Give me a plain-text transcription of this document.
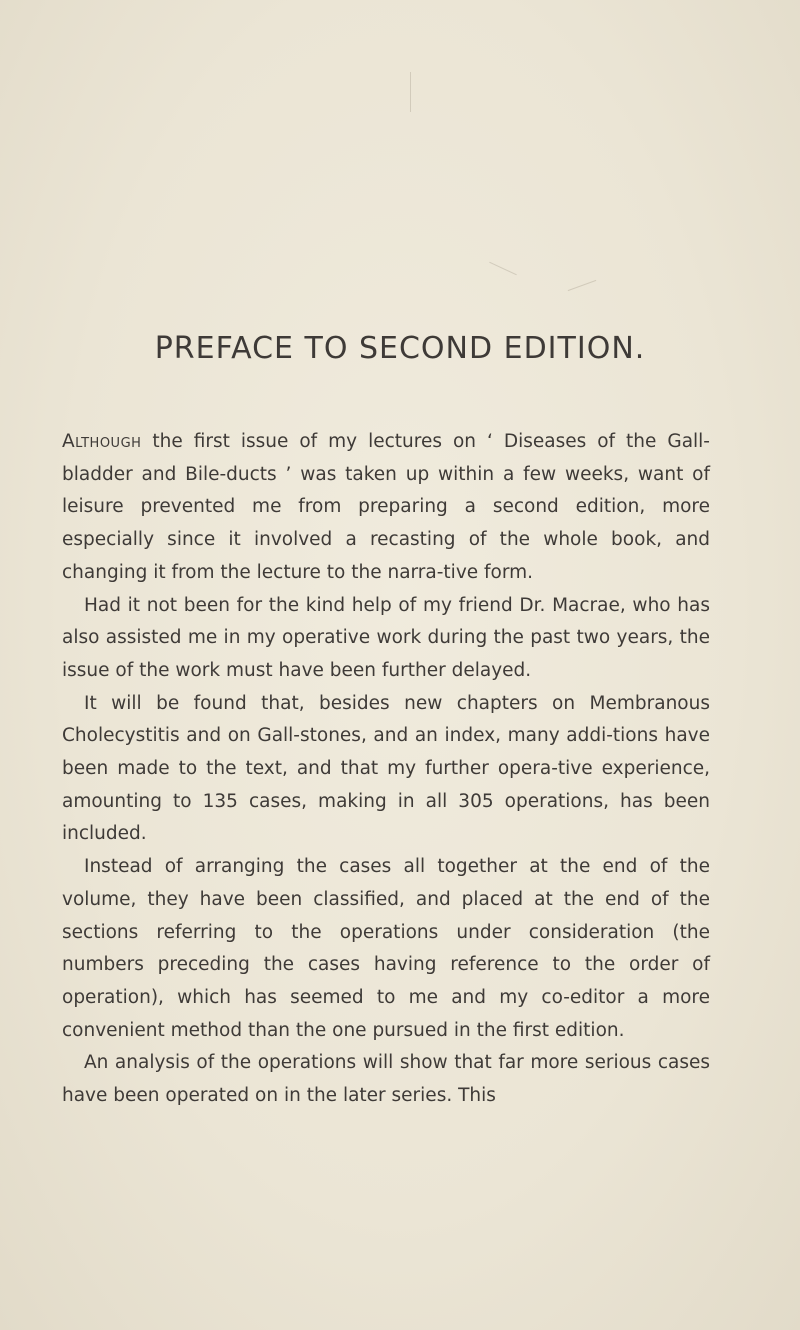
PREFACE TO SECOND EDITION.

Although the first issue of my lectures on ‘ Diseases of the Gall-bladder and Bile-ducts ’ was taken up within a few weeks, want of leisure prevented me from preparing a second edition, more especially since it involved a recasting of the whole book, and changing it from the lecture to the narra-tive form.

Had it not been for the kind help of my friend Dr. Macrae, who has also assisted me in my operative work during the past two years, the issue of the work must have been further delayed.

It will be found that, besides new chapters on Membranous Cholecystitis and on Gall-stones, and an index, many addi-tions have been made to the text, and that my further opera-tive experience, amounting to 135 cases, making in all 305 operations, has been included.

Instead of arranging the cases all together at the end of the volume, they have been classified, and placed at the end of the sections referring to the operations under consideration (the numbers preceding the cases having reference to the order of operation), which has seemed to me and my co-editor a more convenient method than the one pursued in the first edition.

An analysis of the operations will show that far more serious cases have been operated on in the later series. This
